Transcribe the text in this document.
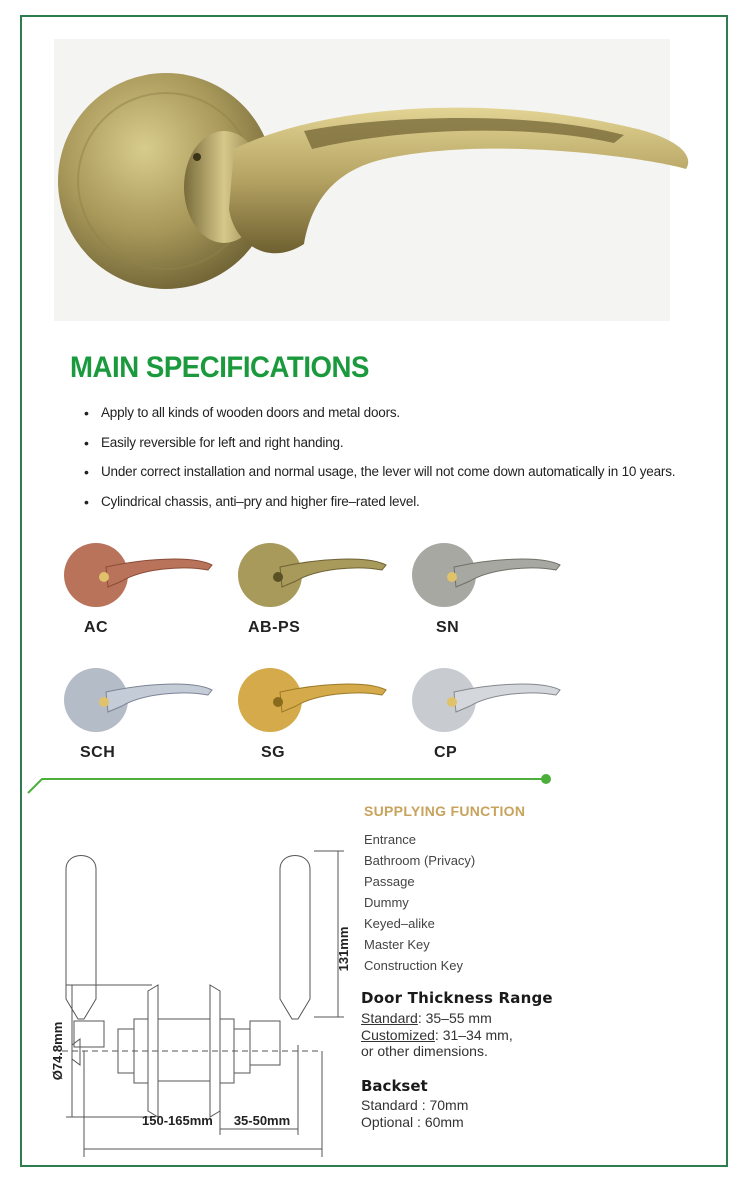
MAIN SPECIFICATIONS
• Apply to all kinds of wooden doors and metal doors.
• Easily reversible for left and right handing.
• Under correct installation and normal usage, the lever will not come down automatically in 10 years.
• Cylindrical chassis, anti–pry and higher fire–rated level.
AC	AB-PS	SN
SCH	SG	CP
131mm
Ø74.8mm
35-50mm
150-165mm
SUPPLYING FUNCTION
Entrance
Bathroom (Privacy)
Passage
Dummy
Keyed–alike
Master Key
Construction Key
Door Thickness Range
Standard: 35–55 mm
Customized: 31–34 mm,
or other dimensions.
Backset
Standard : 70mm
Optional : 60mm
